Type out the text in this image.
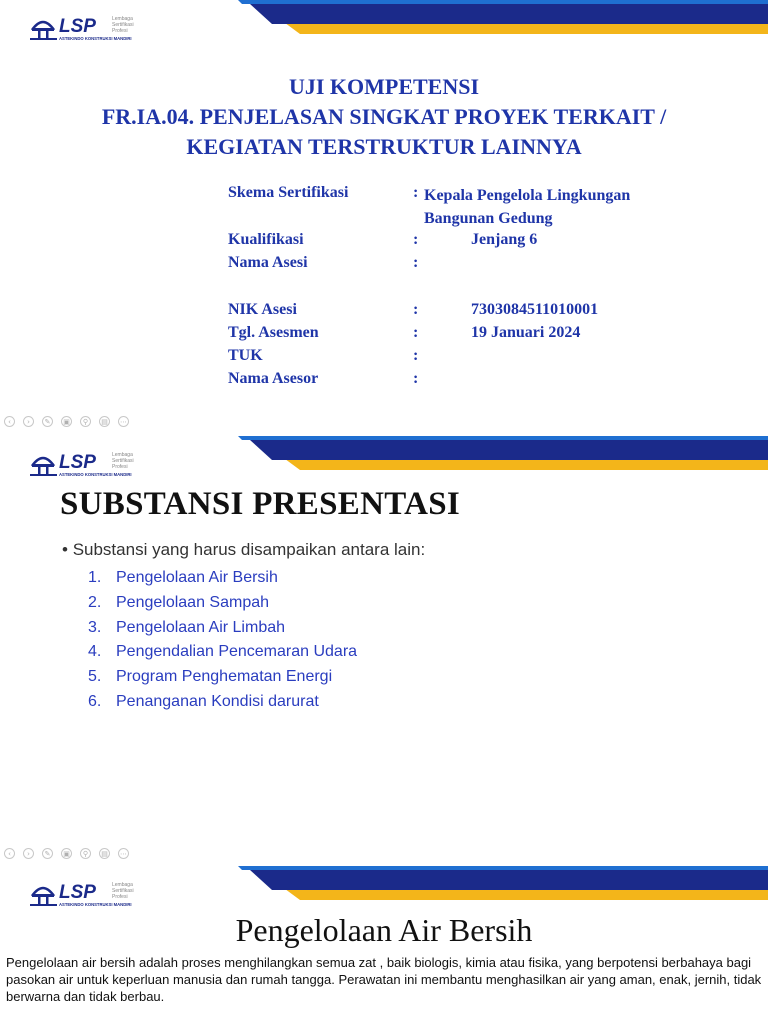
LSP	Lembaga
Sertifikasi
Profesi
ASTEKINDO KONSTRUKSI MANDIRI
UJI KOMPETENSI
FR.IA.04. PENJELASAN SINGKAT PROYEK TERKAIT /
KEGIATAN TERSTRUKTUR LAINNYA
Skema Sertifikasi	: Kepala Pengelola Lingkungan
Bangunan Gedung
Kualifikasi	:	Jenjang 6
Nama Asesi	:
NIK Asesi	:	7303084511010001
Tgl. Asesmen	:	19 Januari 2024
TUK	:
Nama Asesor	:
‹	›	✎	▣	⚲	▤	⋯
LSP	Lembaga
Sertifikasi
Profesi
ASTEKINDO KONSTRUKSI MANDIRI
SUBSTANSI PRESENTASI
• Substansi yang harus disampaikan antara lain:
1. Pengelolaan Air Bersih
2. Pengelolaan Sampah
3. Pengelolaan Air Limbah
4. Pengendalian Pencemaran Udara
5. Program Penghematan Energi
6. Penanganan Kondisi darurat
‹	›	✎	▣	⚲	▤	⋯
LSP	Lembaga
Sertifikasi
Profesi
ASTEKINDO KONSTRUKSI MANDIRI
Pengelolaan Air Bersih
Pengelolaan air bersih adalah proses menghilangkan semua zat , baik biologis, kimia atau fisika, yang berpotensi berbahaya bagi pasokan air untuk keperluan manusia dan rumah tangga. Perawatan ini membantu menghasilkan air yang aman, enak, jernih, tidak berwarna dan tidak berbau.
